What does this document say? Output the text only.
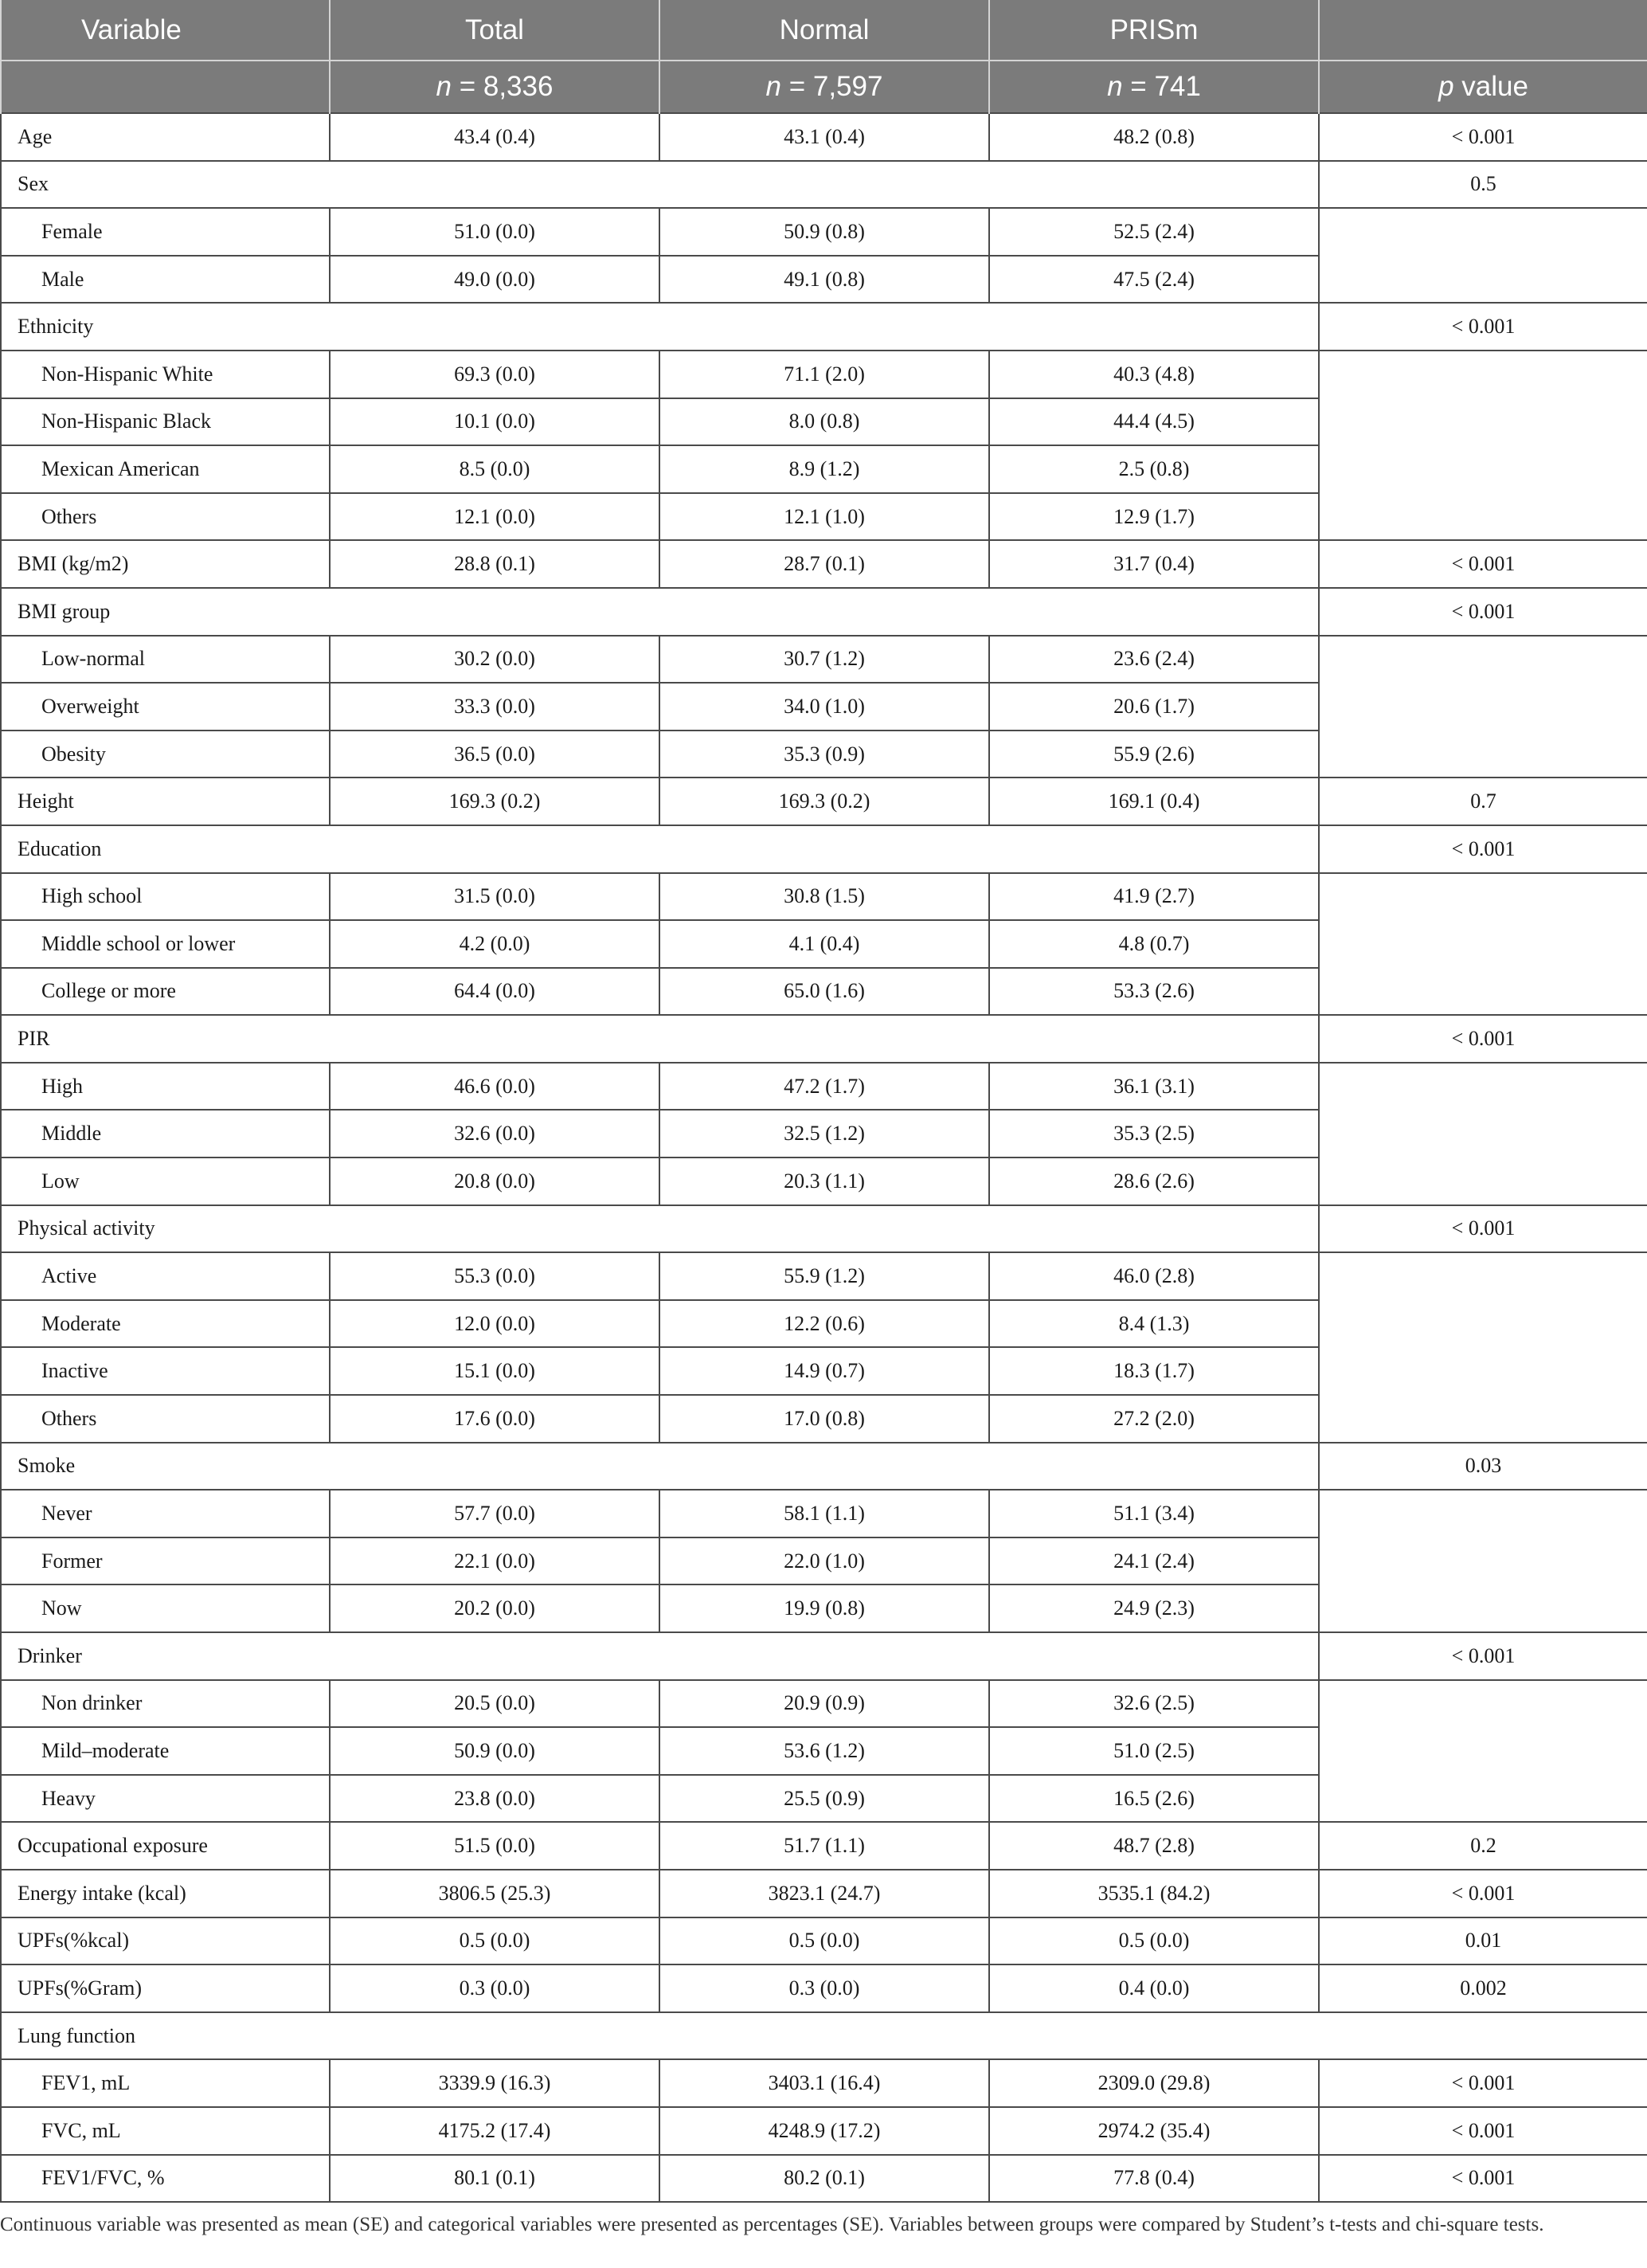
Variable	Total	Normal	PRISm	
	n = 8,336	n = 7,597	n = 741	p value
Age	43.4 (0.4)	43.1 (0.4)	48.2 (0.8)	< 0.001
Sex				0.5
Female	51.0 (0.0)	50.9 (0.8)	52.5 (2.4)	
Male	49.0 (0.0)	49.1 (0.8)	47.5 (2.4)	
Ethnicity				< 0.001
Non-Hispanic White	69.3 (0.0)	71.1 (2.0)	40.3 (4.8)	
Non-Hispanic Black	10.1 (0.0)	8.0 (0.8)	44.4 (4.5)	
Mexican American	8.5 (0.0)	8.9 (1.2)	2.5 (0.8)	
Others	12.1 (0.0)	12.1 (1.0)	12.9 (1.7)	
BMI (kg/m2)	28.8 (0.1)	28.7 (0.1)	31.7 (0.4)	< 0.001
BMI group				< 0.001
Low-normal	30.2 (0.0)	30.7 (1.2)	23.6 (2.4)	
Overweight	33.3 (0.0)	34.0 (1.0)	20.6 (1.7)	
Obesity	36.5 (0.0)	35.3 (0.9)	55.9 (2.6)	
Height	169.3 (0.2)	169.3 (0.2)	169.1 (0.4)	0.7
Education				< 0.001
High school	31.5 (0.0)	30.8 (1.5)	41.9 (2.7)	
Middle school or lower	4.2 (0.0)	4.1 (0.4)	4.8 (0.7)	
College or more	64.4 (0.0)	65.0 (1.6)	53.3 (2.6)	
PIR				< 0.001
High	46.6 (0.0)	47.2 (1.7)	36.1 (3.1)	
Middle	32.6 (0.0)	32.5 (1.2)	35.3 (2.5)	
Low	20.8 (0.0)	20.3 (1.1)	28.6 (2.6)	
Physical activity				< 0.001
Active	55.3 (0.0)	55.9 (1.2)	46.0 (2.8)	
Moderate	12.0 (0.0)	12.2 (0.6)	8.4 (1.3)	
Inactive	15.1 (0.0)	14.9 (0.7)	18.3 (1.7)	
Others	17.6 (0.0)	17.0 (0.8)	27.2 (2.0)	
Smoke				0.03
Never	57.7 (0.0)	58.1 (1.1)	51.1 (3.4)	
Former	22.1 (0.0)	22.0 (1.0)	24.1 (2.4)	
Now	20.2 (0.0)	19.9 (0.8)	24.9 (2.3)	
Drinker				< 0.001
Non drinker	20.5 (0.0)	20.9 (0.9)	32.6 (2.5)	
Mild–moderate	50.9 (0.0)	53.6 (1.2)	51.0 (2.5)	
Heavy	23.8 (0.0)	25.5 (0.9)	16.5 (2.6)	
Occupational exposure	51.5 (0.0)	51.7 (1.1)	48.7 (2.8)	0.2
Energy intake (kcal)	3806.5 (25.3)	3823.1 (24.7)	3535.1 (84.2)	< 0.001
UPFs(%kcal)	0.5 (0.0)	0.5 (0.0)	0.5 (0.0)	0.01
UPFs(%Gram)	0.3 (0.0)	0.3 (0.0)	0.4 (0.0)	0.002
Lung function				
FEV1, mL	3339.9 (16.3)	3403.1 (16.4)	2309.0 (29.8)	< 0.001
FVC, mL	4175.2 (17.4)	4248.9 (17.2)	2974.2 (35.4)	< 0.001
FEV1/FVC, %	80.1 (0.1)	80.2 (0.1)	77.8 (0.4)	< 0.001
Continuous variable was presented as mean (SE) and categorical variables were presented as percentages (SE). Variables between groups were compared by Student’s t-tests and chi-square tests.
